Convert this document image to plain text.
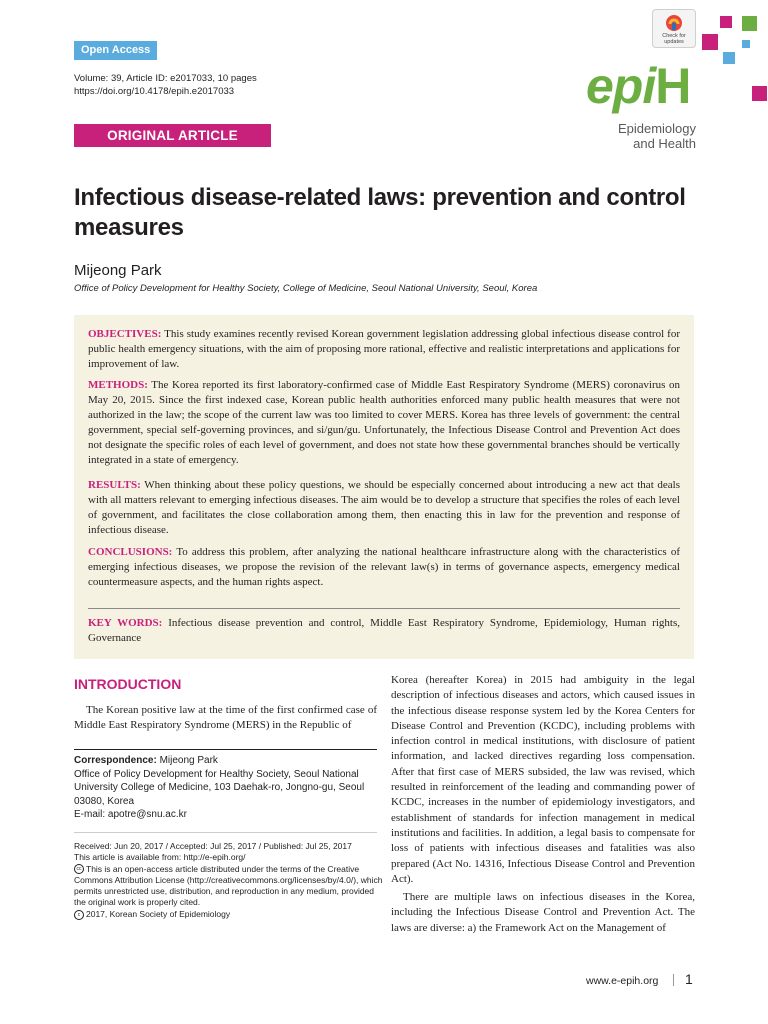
Open Access
Volume: 39, Article ID: e2017033, 10 pages
https://doi.org/10.4178/epih.e2017033
ORIGINAL ARTICLE
Check for updates
epiH
Epidemiology
and Health
Infectious disease-related laws: prevention and control measures
Mijeong Park
Office of Policy Development for Healthy Society, College of Medicine, Seoul National University, Seoul, Korea

OBJECTIVES: This study examines recently revised Korean government legislation addressing global infectious disease control for public health emergency situations, with the aim of proposing more rational, effective and realistic interpretations and applications for improvement of law.

METHODS: The Korea reported its first laboratory-confirmed case of Middle East Respiratory Syndrome (MERS) coronavirus on May 20, 2015. Since the first indexed case, Korean public health authorities enforced many public health measures that were not authorized in the law; the scope of the current law was too limited to cover MERS. Korea has three levels of government: the central government, special self-governing provinces, and si/gun/gu. Unfortunately, the Infectious Disease Control and Prevention Act does not designate the specific roles of each level of government, and does not state how these governmental branches should be vertically integrated in a state of emergency.

RESULTS: When thinking about these policy questions, we should be especially concerned about introducing a new act that deals with all matters relevant to emerging infectious diseases. The aim would be to develop a structure that specifies the roles of each level of government, and facilitates the close collaboration among them, then enacting this in law for the prevention and response of infectious disease.

CONCLUSIONS: To address this problem, after analyzing the national healthcare infrastructure along with the characteristics of emerging infectious diseases, we propose the revision of the relevant law(s) in terms of governance aspects, emergency medical countermeasure aspects, and the human rights aspect.

KEY WORDS: Infectious disease prevention and control, Middle East Respiratory Syndrome, Epidemiology, Human rights, Governance

INTRODUCTION

The Korean positive law at the time of the first confirmed case of Middle East Respiratory Syndrome (MERS) in the Republic of

Korea (hereafter Korea) in 2015 had ambiguity in the legal description of infectious diseases and actors, which caused issues in the infectious disease response system led by the Korea Centers for Disease Control and Prevention (KCDC), including problems with infection control in medical institutions, with disclosure of patient information, and lacked directives regarding loss compensation. After that first case of MERS subsided, the law was revised, which resulted in reinforcement of the leading and commanding power of KCDC, increases in the number of epidemiology investigators, and establishment of standards for infection management in medical institutions and facilities. In addition, a legal basis to compensate for loss of patients with infectious diseases and fatalities was also prepared (Act No. 14316, Infectious Disease Control and Prevention Act).

There are multiple laws on infectious diseases in the Korea, including the Infectious Disease Control and Prevention Act. The laws are diverse: a) the Framework Act on the Management of

Correspondence: Mijeong Park
Office of Policy Development for Healthy Society, Seoul National
University College of Medicine, 103 Daehak-ro, Jongno-gu, Seoul
03080, Korea
E-mail: apotre@snu.ac.kr
Received: Jun 20, 2017 / Accepted: Jul 25, 2017 / Published: Jul 25, 2017
This article is available from: http://e-epih.org/
cc This is an open-access article distributed under the terms of the Creative Commons Attribution License (http://creativecommons.org/licenses/by/4.0/), which permits unrestricted use, distribution, and reproduction in any medium, provided the original work is properly cited.
c 2017, Korean Society of Epidemiology
www.e-epih.org 1
